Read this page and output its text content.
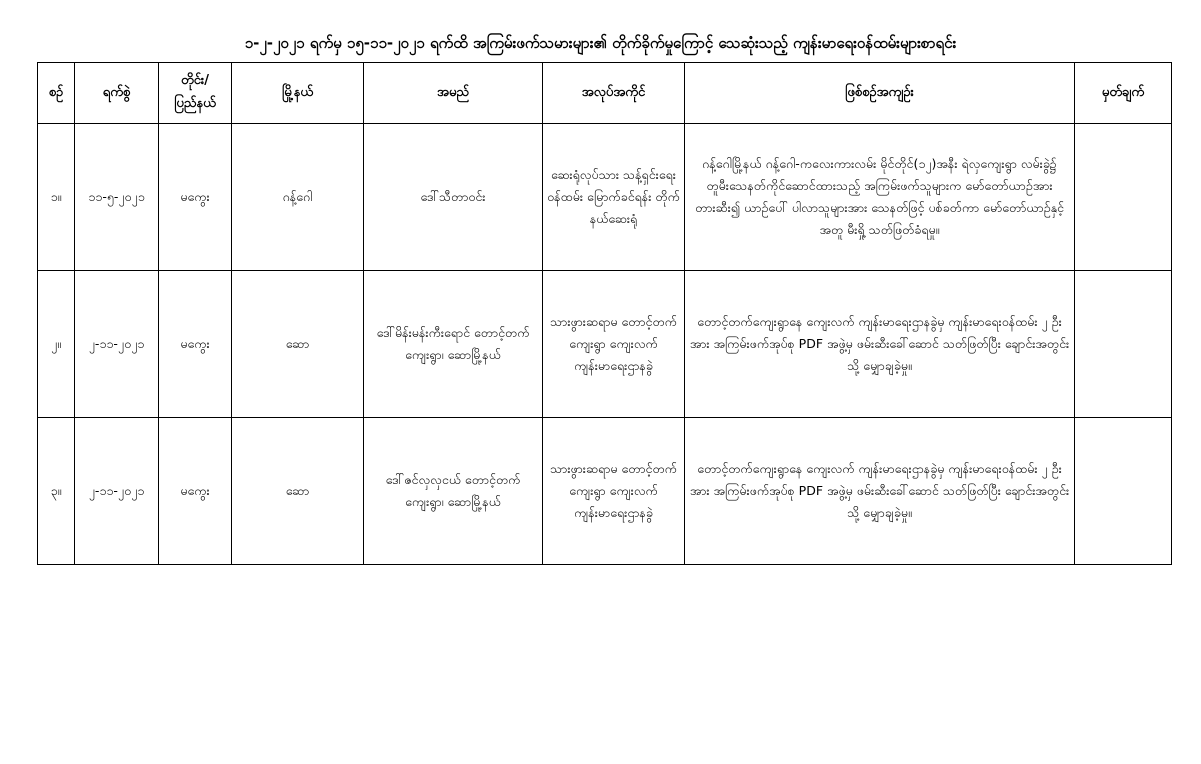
၁-၂-၂၀၂၁ ရက်မှ ၁၅-၁၁-၂၀၂၁ ရက်ထိ အကြမ်းဖက်သမားများ၏ တိုက်ခိုက်မှုကြောင့် သေဆုံးသည့် ကျန်းမာရေးဝန်ထမ်းများစာရင်း
စဉ်	ရက်စွဲ	တိုင်း/ ပြည်နယ်	မြို့နယ်	အမည်	အလုပ်အကိုင်	ဖြစ်စဉ်အကျဉ်း	မှတ်ချက်
၁။	၁၁-၅-၂၀၂၁	မကွေး	ဂန့်ဂေါ	ဒေါ်သီတာဝင်း	ဆေးရုံလုပ်သား သန့်ရှင်းရေး ဝန်ထမ်း မြောက်ခင်ရန်း တိုက်နယ်ဆေးရုံ	ဂန့်ဂေါမြို့နယ် ဂန့်ဂေါ-ကလေးကားလမ်း မိုင်တိုင်(၁၂)အနီး ရဲလှကျေးရွာ လမ်းခွဲ၌ တူမီးသေနတ်ကိုင်ဆောင်ထားသည့် အကြမ်းဖက်သူများက မော်တော်ယာဉ်အား တားဆီး၍ ယာဉ်ပေါ် ပါလာသူများအား သေနတ်ဖြင့် ပစ်ခတ်ကာ မော်တော်ယာဉ်နှင့်အတူ မီးရှို့ သတ်ဖြတ်ခံရမှု။	
၂။	၂-၁၁-၂၀၂၁	မကွေး	ဆော	ဒေါ်မိန်းမန်းကီးရောင် တောင့်တက်ကျေးရွာ၊ ဆောမြို့နယ်	သားဖွားဆရာမ တောင့်တက် ကျေးရွာ ကျေးလက် ကျန်းမာရေးဌာနခွဲ	တောင့်တက်ကျေးရွာနေ ကျေးလက် ကျန်းမာရေးဌာနခွဲမှ ကျန်းမာရေးဝန်ထမ်း ၂ ဦးအား အကြမ်းဖက်အုပ်စု PDF အဖွဲ့မှ ဖမ်းဆီးခေါ်ဆောင် သတ်ဖြတ်ပြီး ချောင်းအတွင်းသို့ မျှောချခဲ့မှု။	
၃။	၂-၁၁-၂၀၂၁	မကွေး	ဆော	ဒေါ်ဇင်လှလှငယ် တောင့်တက်ကျေးရွာ၊ ဆောမြို့နယ်	သားဖွားဆရာမ တောင့်တက် ကျေးရွာ ကျေးလက် ကျန်းမာရေးဌာနခွဲ	တောင့်တက်ကျေးရွာနေ ကျေးလက် ကျန်းမာရေးဌာနခွဲမှ ကျန်းမာရေးဝန်ထမ်း ၂ ဦးအား အကြမ်းဖက်အုပ်စု PDF အဖွဲ့မှ ဖမ်းဆီးခေါ်ဆောင် သတ်ဖြတ်ပြီး ချောင်းအတွင်းသို့ မျှောချခဲ့မှု။	
